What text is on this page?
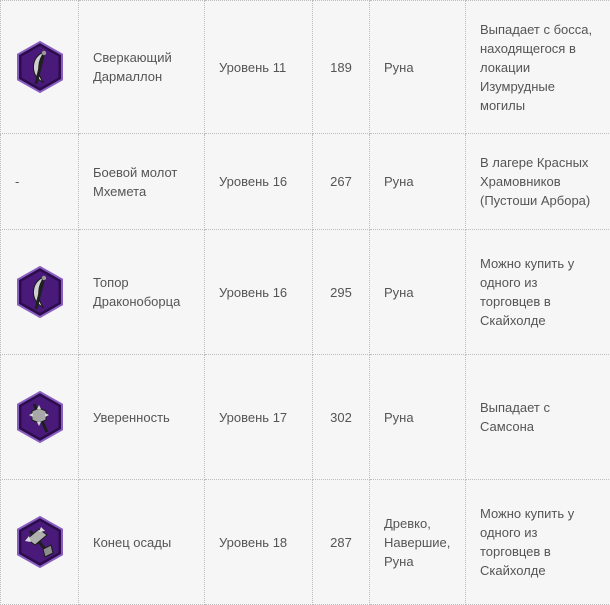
	Сверкающий Дармаллон	Уровень 11	189	Руна	Выпадает с босса, находящегося в локации Изумрудные могилы
-	Боевой молот Мхемета	Уровень 16	267	Руна	В лагере Красных Храмовников (Пустоши Арбора)

	Топор Драконоборца	Уровень 16	295	Руна	Можно купить у одного из торговцев в Скайхолде

	Уверенность	Уровень 17	302	Руна	Выпадает с Самсона

	Конец осады	Уровень 18	287	Древко, Навершие, Руна	Можно купить у одного из торговцев в Скайхолде
